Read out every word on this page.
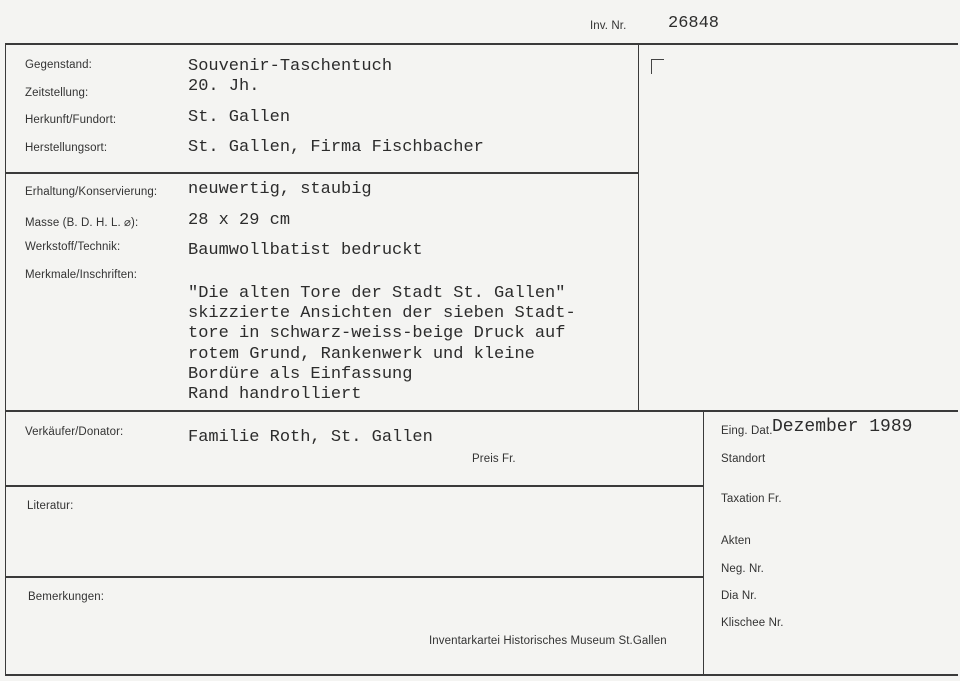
Inv. Nr. 26848
Gegenstand:	Souvenir-Taschentuch
Zeitstellung:	20. Jh.
Herkunft/Fundort:	St. Gallen
Herstellungsort:	St. Gallen, Firma Fischbacher
Erhaltung/Konservierung: neuwertig, staubig
Masse (B. D. H. L. ⌀):	28 x 29 cm
Werkstoff/Technik:	Baumwollbatist bedruckt
Merkmale/Inschriften:
"Die alten Tore der Stadt St. Gallen"
skizzierte Ansichten der sieben Stadt-
tore in schwarz-weiss-beige Druck auf
rotem Grund, Rankenwerk und kleine
Bordüre als Einfassung
Rand handrolliert
Verkäufer/Donator:	Familie Roth, St. Gallen
Preis Fr.
Literatur:
Bemerkungen:
Eing. Dat. Dezember 1989
Standort
Taxation Fr.
Akten
Neg. Nr.
Dia Nr.
Klischee Nr.
Inventarkartei Historisches Museum St.Gallen
